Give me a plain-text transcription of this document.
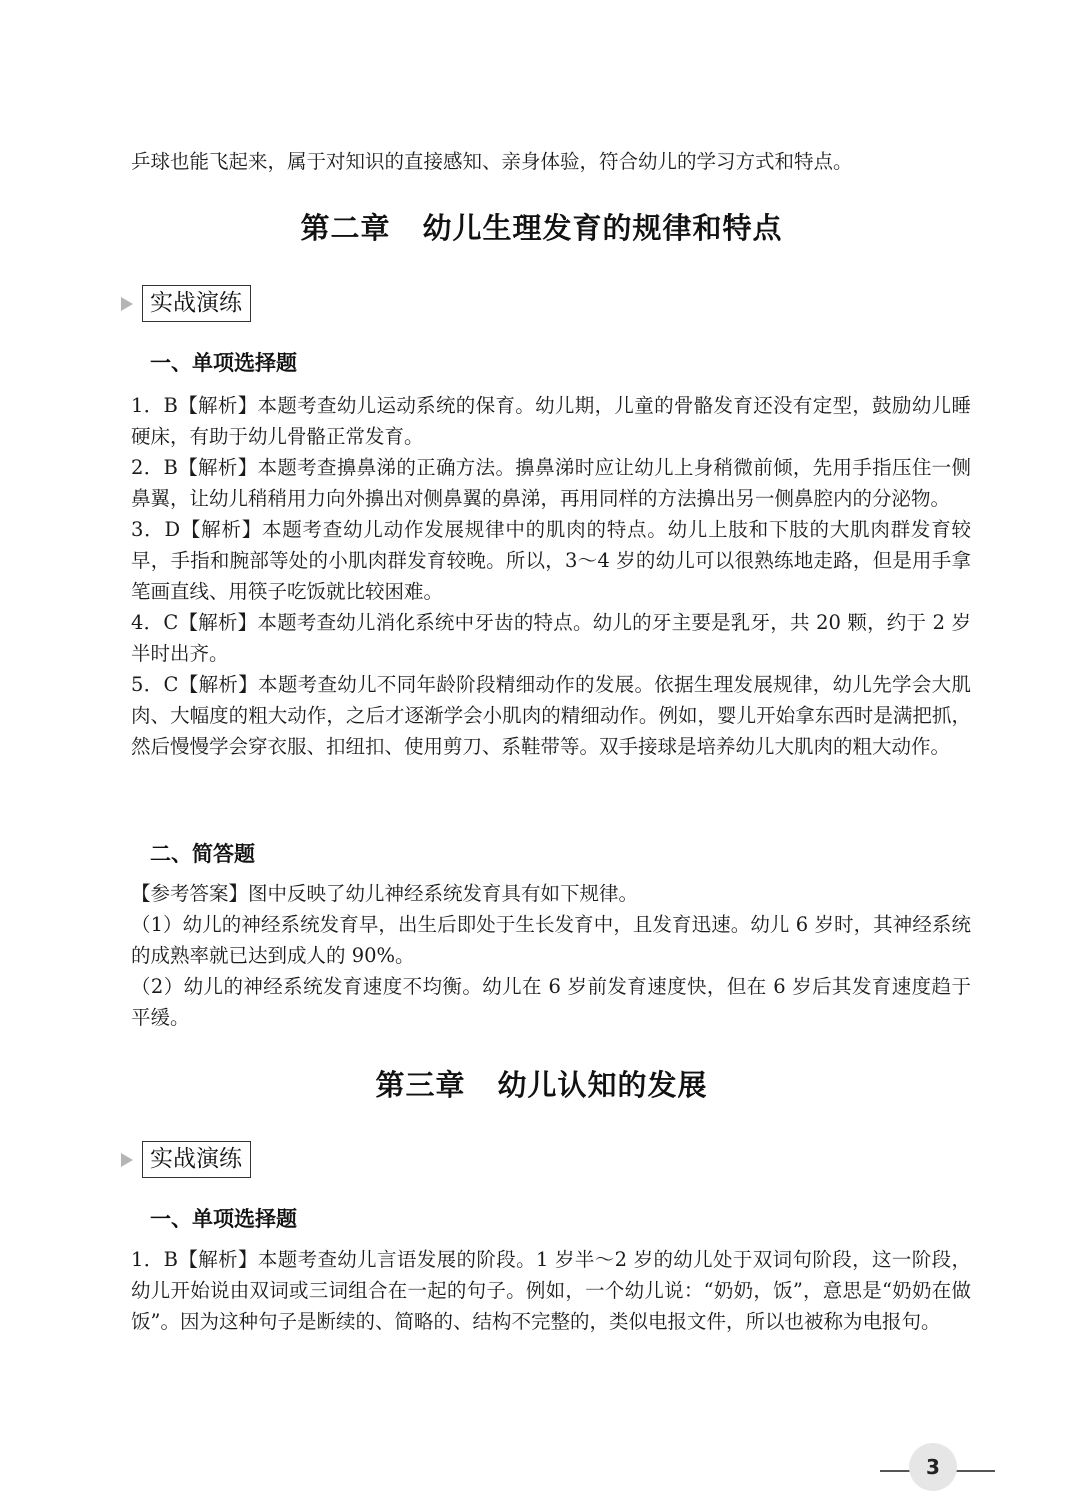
乒球也能飞起来，属于对知识的直接感知、亲身体验，符合幼儿的学习方式和特点。

第二章 幼儿生理发育的规律和特点
实战演练
一、单项选择题

1．B【解析】本题考查幼儿运动系统的保育。幼儿期，儿童的骨骼发育还没有定型，鼓励幼儿睡硬床，有助于幼儿骨骼正常发育。

2．B【解析】本题考查擤鼻涕的正确方法。擤鼻涕时应让幼儿上身稍微前倾，先用手指压住一侧鼻翼，让幼儿稍稍用力向外擤出对侧鼻翼的鼻涕，再用同样的方法擤出另一侧鼻腔内的分泌物。

3．D【解析】本题考查幼儿动作发展规律中的肌肉的特点。幼儿上肢和下肢的大肌肉群发育较早，手指和腕部等处的小肌肉群发育较晚。所以，3～4 岁的幼儿可以很熟练地走路，但是用手拿笔画直线、用筷子吃饭就比较困难。

4．C【解析】本题考查幼儿消化系统中牙齿的特点。幼儿的牙主要是乳牙，共 20 颗，约于 2 岁半时出齐。

5．C【解析】本题考查幼儿不同年龄阶段精细动作的发展。依据生理发展规律，幼儿先学会大肌肉、大幅度的粗大动作，之后才逐渐学会小肌肉的精细动作。例如，婴儿开始拿东西时是满把抓，然后慢慢学会穿衣服、扣纽扣、使用剪刀、系鞋带等。双手接球是培养幼儿大肌肉的粗大动作。

二、简答题

【参考答案】图中反映了幼儿神经系统发育具有如下规律。

（1）幼儿的神经系统发育早，出生后即处于生长发育中，且发育迅速。幼儿 6 岁时，其神经系统的成熟率就已达到成人的 90%。

（2）幼儿的神经系统发育速度不均衡。幼儿在 6 岁前发育速度快，但在 6 岁后其发育速度趋于平缓。

第三章 幼儿认知的发展
实战演练
一、单项选择题

1．B【解析】本题考查幼儿言语发展的阶段。1 岁半～2 岁的幼儿处于双词句阶段，这一阶段，幼儿开始说由双词或三词组合在一起的句子。例如，一个幼儿说：“奶奶，饭”，意思是“奶奶在做饭”。因为这种句子是断续的、简略的、结构不完整的，类似电报文件，所以也被称为电报句。

3
